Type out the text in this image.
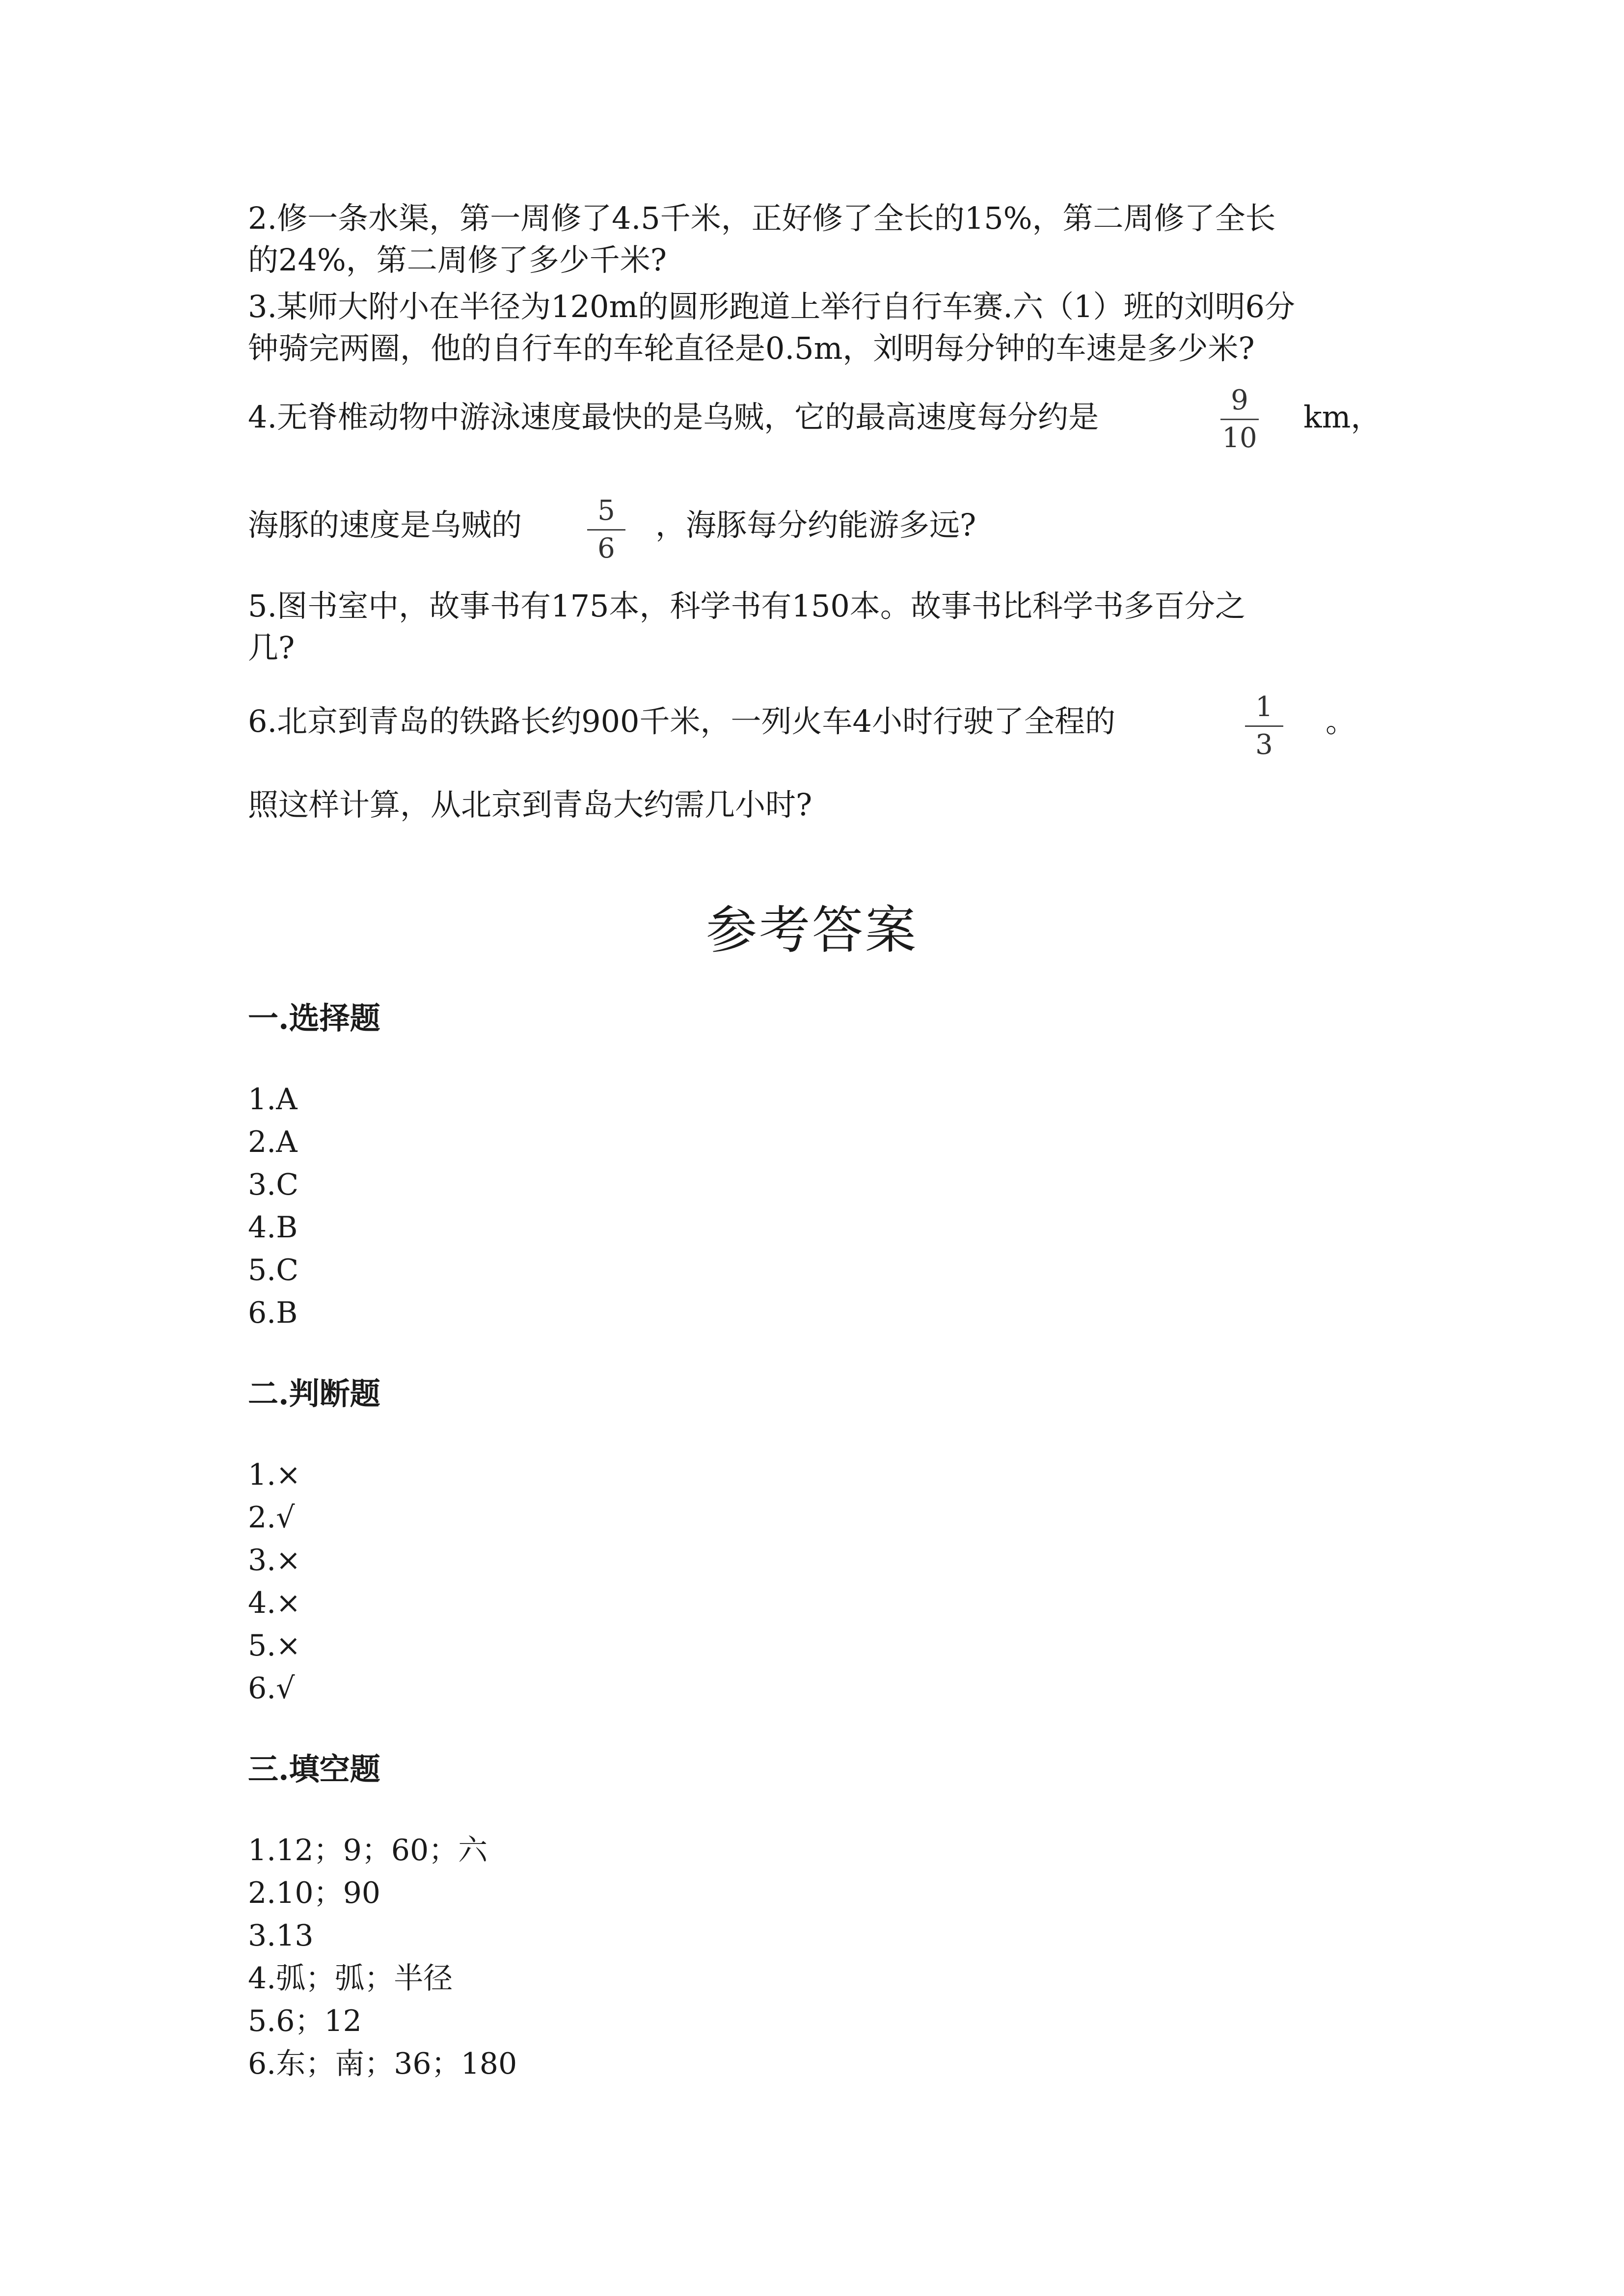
2.修一条水渠，第一周修了4.5千米，正好修了全长的15%，第二周修了全长
的24%，第二周修了多少千米?
3.某师大附小在半径为120m的圆形跑道上举行自行车赛.六（1）班的刘明6分
钟骑完两圈，他的自行车的车轮直径是0.5m，刘明每分钟的车速是多少米?
4.无脊椎动物中游泳速度最快的是乌贼，它的最高速度每分约是	9
10
km，
海豚的速度是乌贼的	5
6
，海豚每分约能游多远?
5.图书室中，故事书有175本，科学书有150本。故事书比科学书多百分之
几?
6.北京到青岛的铁路长约900千米，一列火车4小时行驶了全程的	1
3
。
照这样计算，从北京到青岛大约需几小时?
参考答案
一.选择题
1.A
2.A
3.C
4.B
5.C
6.B
二.判断题
1.×
2.√
3.×
4.×
5.×
6.√
三.填空题
1.12；9；60；六
2.10；90
3.13
4.弧；弧；半径
5.6；12
6.东；南；36；180
